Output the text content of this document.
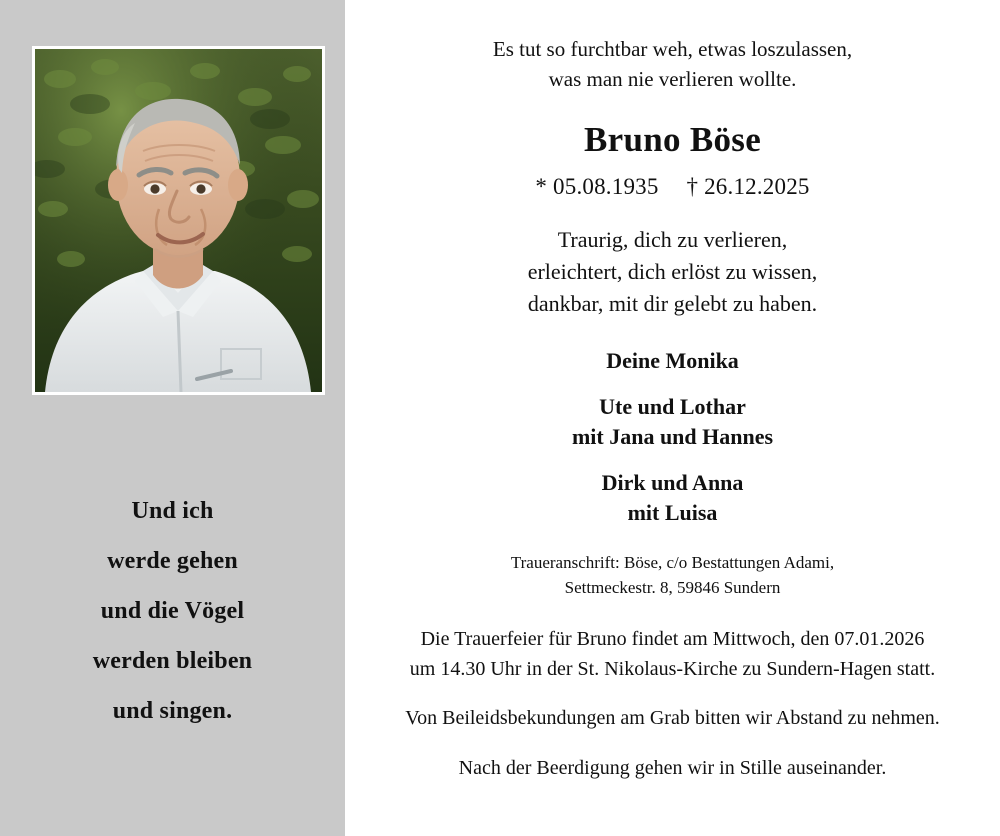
Und ich
werde gehen
und die Vögel
werden bleiben
und singen.
Es tut so furchtbar weh, etwas loszulassen,
was man nie verlieren wollte.
Bruno Böse
* 05.08.1935 † 26.12.2025
Traurig, dich zu verlieren,
erleichtert, dich erlöst zu wissen,
dankbar, mit dir gelebt zu haben.
Deine Monika
Ute und Lothar
mit Jana und Hannes
Dirk und Anna
mit Luisa
Traueranschrift: Böse, c/o Bestattungen Adami,
Settmeckestr. 8, 59846 Sundern
Die Trauerfeier für Bruno findet am Mittwoch, den 07.01.2026
um 14.30 Uhr in der St. Nikolaus-Kirche zu Sundern-Hagen statt.
Von Beileidsbekundungen am Grab bitten wir Abstand zu nehmen.
Nach der Beerdigung gehen wir in Stille auseinander.
